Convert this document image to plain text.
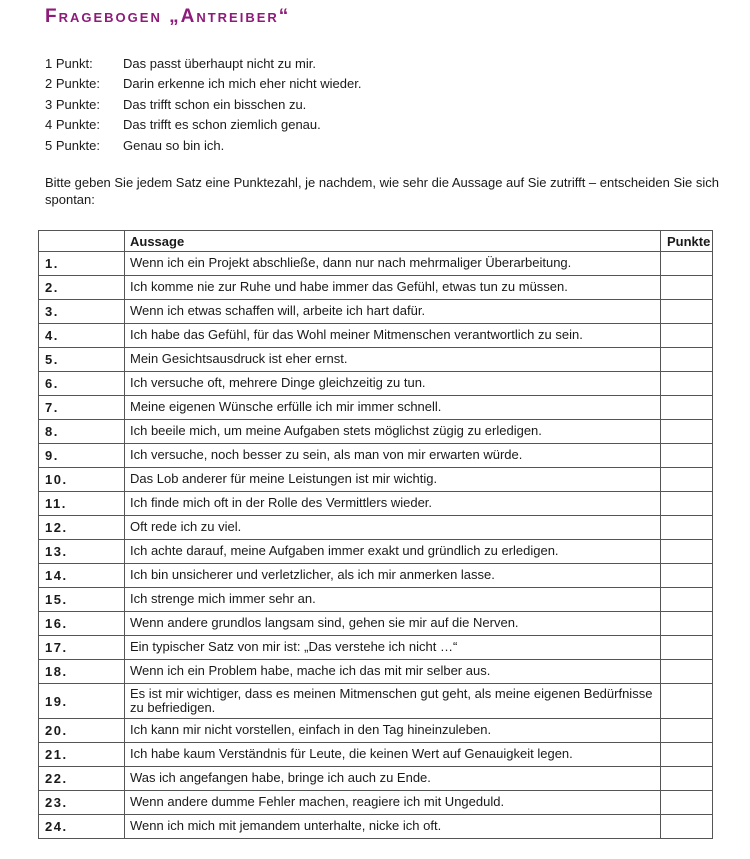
Fragebogen „Antreiber“
1 Punkt: Das passt überhaupt nicht zu mir.
2 Punkte: Darin erkenne ich mich eher nicht wieder.
3 Punkte: Das trifft schon ein bisschen zu.
4 Punkte: Das trifft es schon ziemlich genau.
5 Punkte: Genau so bin ich.

Bitte geben Sie jedem Satz eine Punktezahl, je nachdem, wie sehr die Aussage auf Sie zutrifft – entscheiden Sie sich spontan:

	Aussage	Punkte
1.	Wenn ich ein Projekt abschließe, dann nur nach mehrmaliger Überarbeitung.	
2.	Ich komme nie zur Ruhe und habe immer das Gefühl, etwas tun zu müssen.	
3.	Wenn ich etwas schaffen will, arbeite ich hart dafür.	
4.	Ich habe das Gefühl, für das Wohl meiner Mitmenschen verantwortlich zu sein.	
5.	Mein Gesichtsausdruck ist eher ernst.	
6.	Ich versuche oft, mehrere Dinge gleichzeitig zu tun.	
7.	Meine eigenen Wünsche erfülle ich mir immer schnell.	
8.	Ich beeile mich, um meine Aufgaben stets möglichst zügig zu erledigen.	
9.	Ich versuche, noch besser zu sein, als man von mir erwarten würde.	
10.	Das Lob anderer für meine Leistungen ist mir wichtig.	
11.	Ich finde mich oft in der Rolle des Vermittlers wieder.	
12.	Oft rede ich zu viel.	
13.	Ich achte darauf, meine Aufgaben immer exakt und gründlich zu erledigen.	
14.	Ich bin unsicherer und verletzlicher, als ich mir anmerken lasse.	
15.	Ich strenge mich immer sehr an.	
16.	Wenn andere grundlos langsam sind, gehen sie mir auf die Nerven.	
17.	Ein typischer Satz von mir ist: „Das verstehe ich nicht …“	
18.	Wenn ich ein Problem habe, mache ich das mit mir selber aus.	
19.	Es ist mir wichtiger, dass es meinen Mitmenschen gut geht, als meine eigenen Bedürfnisse zu befriedigen.	
20.	Ich kann mir nicht vorstellen, einfach in den Tag hineinzuleben.	
21.	Ich habe kaum Verständnis für Leute, die keinen Wert auf Genauigkeit legen.	
22.	Was ich angefangen habe, bringe ich auch zu Ende.	
23.	Wenn andere dumme Fehler machen, reagiere ich mit Ungeduld.	
24.	Wenn ich mich mit jemandem unterhalte, nicke ich oft.	
